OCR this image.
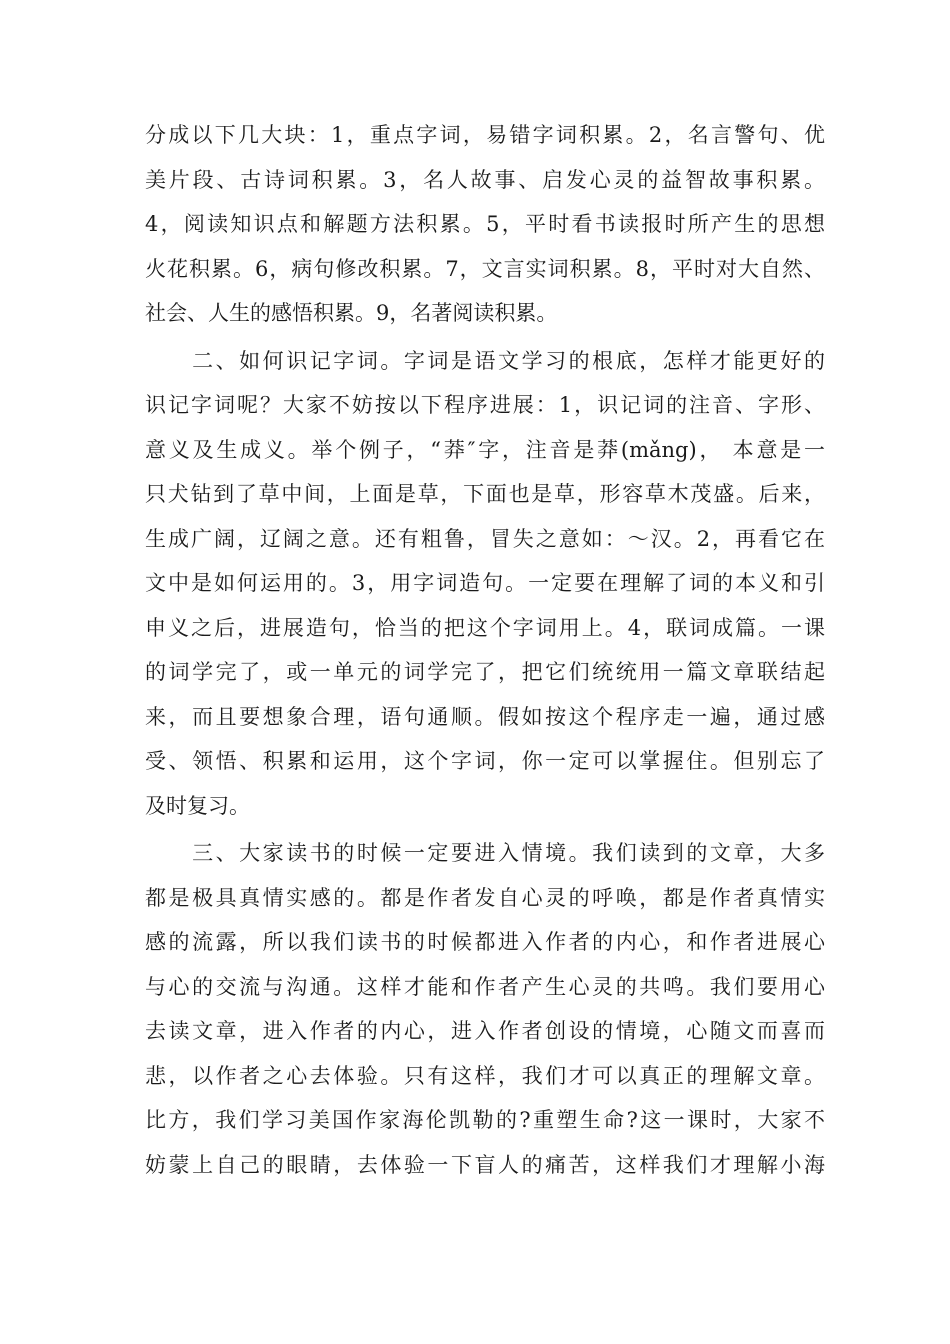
分成以下几大块：1，重点字词，易错字词积累。2，名言警句、优
美片段、古诗词积累。3，名人故事、启发心灵的益智故事积累。
4，阅读知识点和解题方法积累。5，平时看书读报时所产生的思想
火花积累。6，病句修改积累。7，文言实词积累。8，平时对大自然、
社会、人生的感悟积累。9，名著阅读积累。
　　二、如何识记字词。字词是语文学习的根底，怎样才能更好的
识记字词呢？大家不妨按以下程序进展：1，识记词的注音、字形、
意义及生成义。举个例子，“莽″字，注音是莽(mǎng)， 本意是一
只犬钻到了草中间，上面是草，下面也是草，形容草木茂盛。后来，
生成广阔，辽阔之意。还有粗鲁，冒失之意如：～汉。2，再看它在
文中是如何运用的。3，用字词造句。一定要在理解了词的本义和引
申义之后，进展造句，恰当的把这个字词用上。4，联词成篇。一课
的词学完了，或一单元的词学完了，把它们统统用一篇文章联结起
来，而且要想象合理，语句通顺。假如按这个程序走一遍，通过感
受、领悟、积累和运用，这个字词，你一定可以掌握住。但别忘了
及时复习。
　　三、大家读书的时候一定要进入情境。我们读到的文章，大多
都是极具真情实感的。都是作者发自心灵的呼唤，都是作者真情实
感的流露，所以我们读书的时候都进入作者的内心，和作者进展心
与心的交流与沟通。这样才能和作者产生心灵的共鸣。我们要用心
去读文章，进入作者的内心，进入作者创设的情境，心随文而喜而
悲，以作者之心去体验。只有这样，我们才可以真正的理解文章。
比方，我们学习美国作家海伦凯勒的?重塑生命?这一课时，大家不
妨蒙上自己的眼睛，去体验一下盲人的痛苦，这样我们才理解小海
